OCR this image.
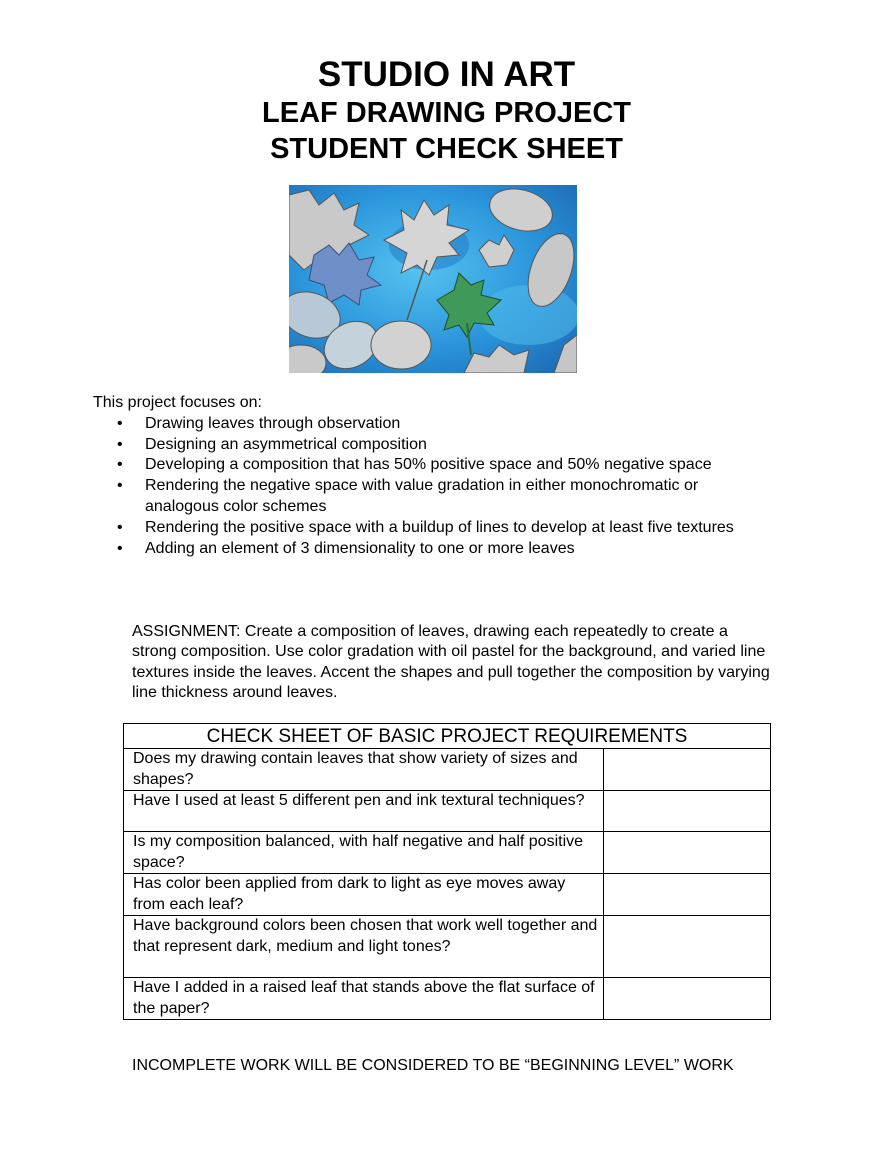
STUDIO IN ART
LEAF DRAWING PROJECT
STUDENT CHECK SHEET
This project focuses on:
• Drawing leaves through observation
• Designing an asymmetrical composition
• Developing a composition that has 50% positive space and 50% negative space
• Rendering the negative space with value gradation in either monochromatic or analogous color schemes
• Rendering the positive space with a buildup of lines to develop at least five textures
• Adding an element of 3 dimensionality to one or more leaves
ASSIGNMENT: Create a composition of leaves, drawing each repeatedly to create a strong composition. Use color gradation with oil pastel for the background, and varied line textures inside the leaves. Accent the shapes and pull together the composition by varying line thickness around leaves.
CHECK SHEET OF BASIC PROJECT REQUIREMENTS	
Does my drawing contain leaves that show variety of sizes and shapes?	
Have I used at least 5 different pen and ink textural techniques?	
Is my composition balanced, with half negative and half positive space?	
Has color been applied from dark to light as eye moves away from each leaf?	
Have background colors been chosen that work well together and that represent dark, medium and light tones?	
Have I added in a raised leaf that stands above the flat surface of the paper?	
INCOMPLETE WORK WILL BE CONSIDERED TO BE “BEGINNING LEVEL” WORK
